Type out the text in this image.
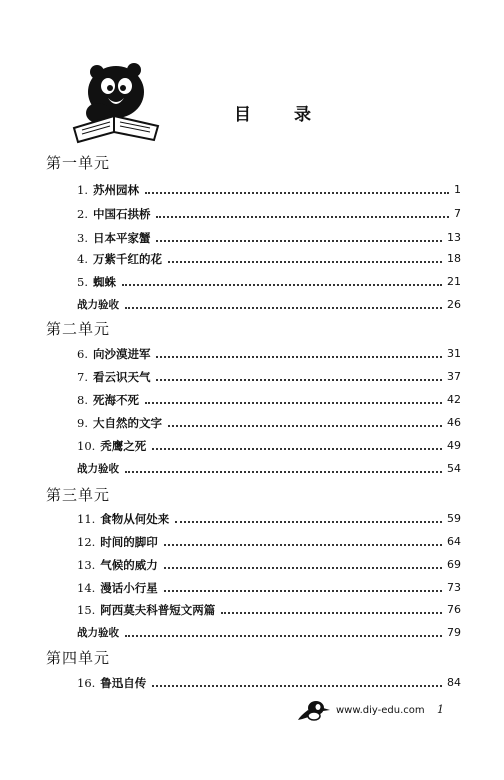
目	录
第一单元
1. 苏州园林	1
2. 中国石拱桥	7
3. 日本平家蟹	13
4. 万紫千红的花	18
5. 蜘蛛	21
战力验收	26
第二单元
6. 向沙漠进军	31
7. 看云识天气	37
8. 死海不死	42
9. 大自然的文字	46
10. 秃鹰之死	49
战力验收	54
第三单元
11. 食物从何处来	59
12. 时间的脚印	64
13. 气候的威力	69
14. 漫话小行星	73
15. 阿西莫夫科普短文两篇	76
战力验收	79
第四单元
16. 鲁迅自传	84
www.diy-edu.com 1
